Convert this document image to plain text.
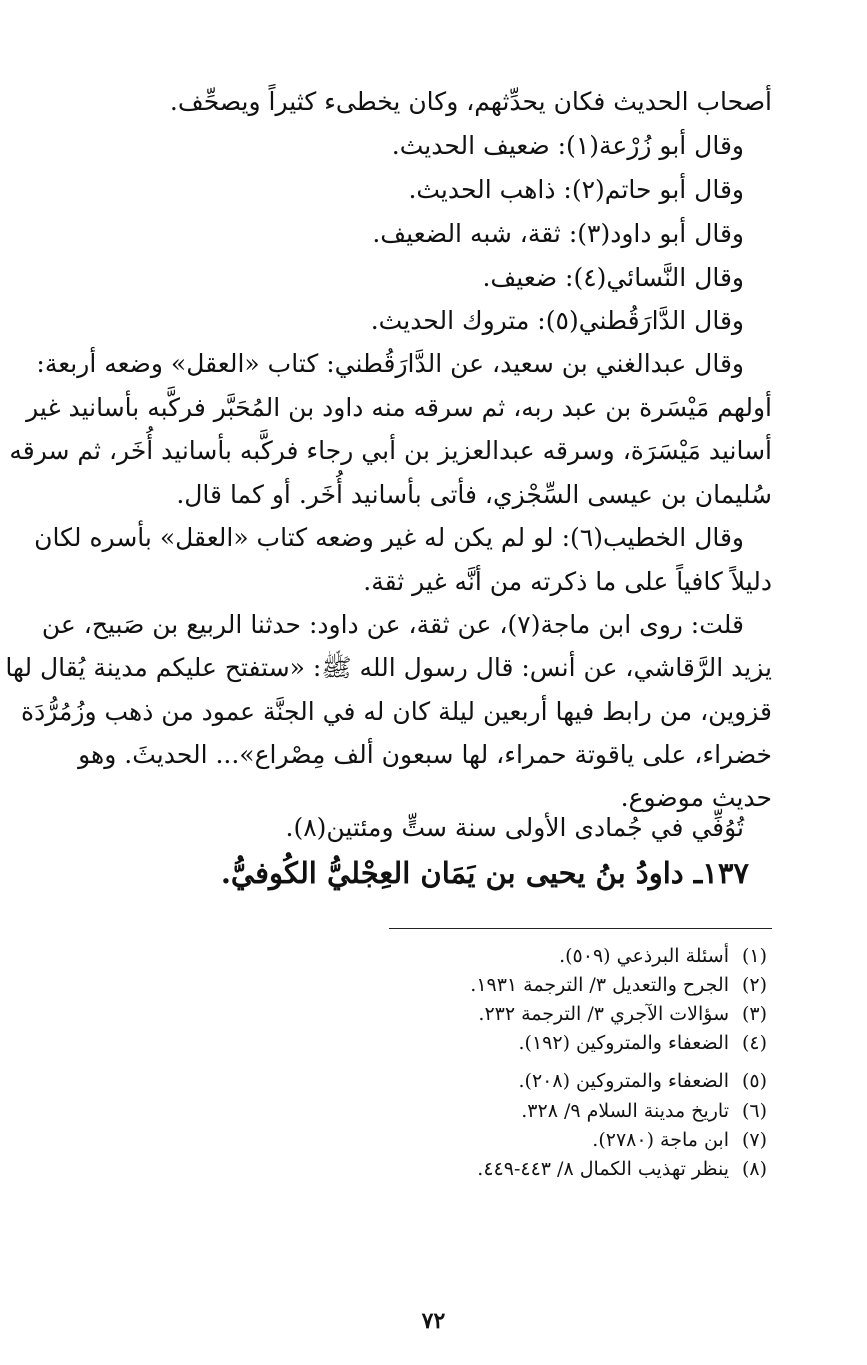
أصحاب الحديث فكان يحدِّثهم، وكان يخطىء كثيراً ويصحِّف.
وقال أبو زُرْعة(١): ضعيف الحديث.
وقال أبو حاتم(٢): ذاهب الحديث.
وقال أبو داود(٣): ثقة، شبه الضعيف.
وقال النَّسائي(٤): ضعيف.
وقال الدَّارَقُطني(٥): متروك الحديث.
وقال عبدالغني بن سعيد، عن الدَّارَقُطني: كتاب «العقل» وضعه أربعة:
أولهم مَيْسَرة بن عبد ربه، ثم سرقه منه داود بن المُحَبَّر فركَّبه بأسانيد غير
أسانيد مَيْسَرَة، وسرقه عبدالعزيز بن أبي رجاء فركَّبه بأسانيد أُخَر، ثم سرقه
سُليمان بن عيسى السِّجْزي، فأتى بأسانيد أُخَر. أو كما قال.
وقال الخطيب(٦): لو لم يكن له غير وضعه كتاب «العقل» بأسره لكان
دليلاً كافياً على ما ذكرته من أنَّه غير ثقة.
قلت: روى ابن ماجة(٧)، عن ثقة، عن داود: حدثنا الربيع بن صَبيح، عن
يزيد الرَّقاشي، عن أنس: قال رسول الله ﷺ: «ستفتح عليكم مدينة يُقال لها
قزوين، من رابط فيها أربعين ليلة كان له في الجنَّة عمود من ذهب وزُمُرُّدَة
خضراء، على ياقوتة حمراء، لها سبعون ألف مِصْراع»... الحديثَ. وهو
حديث موضوع.
تُوُفِّي في جُمادى الأولى سنة ستٍّ ومئتين(٨).
١٣٧ـ داودُ بنُ يحيى بن يَمَان العِجْليُّ الكُوفيُّ.
(١)أسئلة البرذعي (٥٠٩).
(٢)الجرح والتعديل ٣/ الترجمة ١٩٣١.
(٣)سؤالات الآجري ٣/ الترجمة ٢٣٢.
(٤)الضعفاء والمتروكين (١٩٢).
(٥)الضعفاء والمتروكين (٢٠٨).
(٦)تاريخ مدينة السلام ٩/ ٣٢٨.
(٧)ابن ماجة (٢٧٨٠).
(٨)ينظر تهذيب الكمال ٨/ ٤٤٣-٤٤٩.
٧٢
